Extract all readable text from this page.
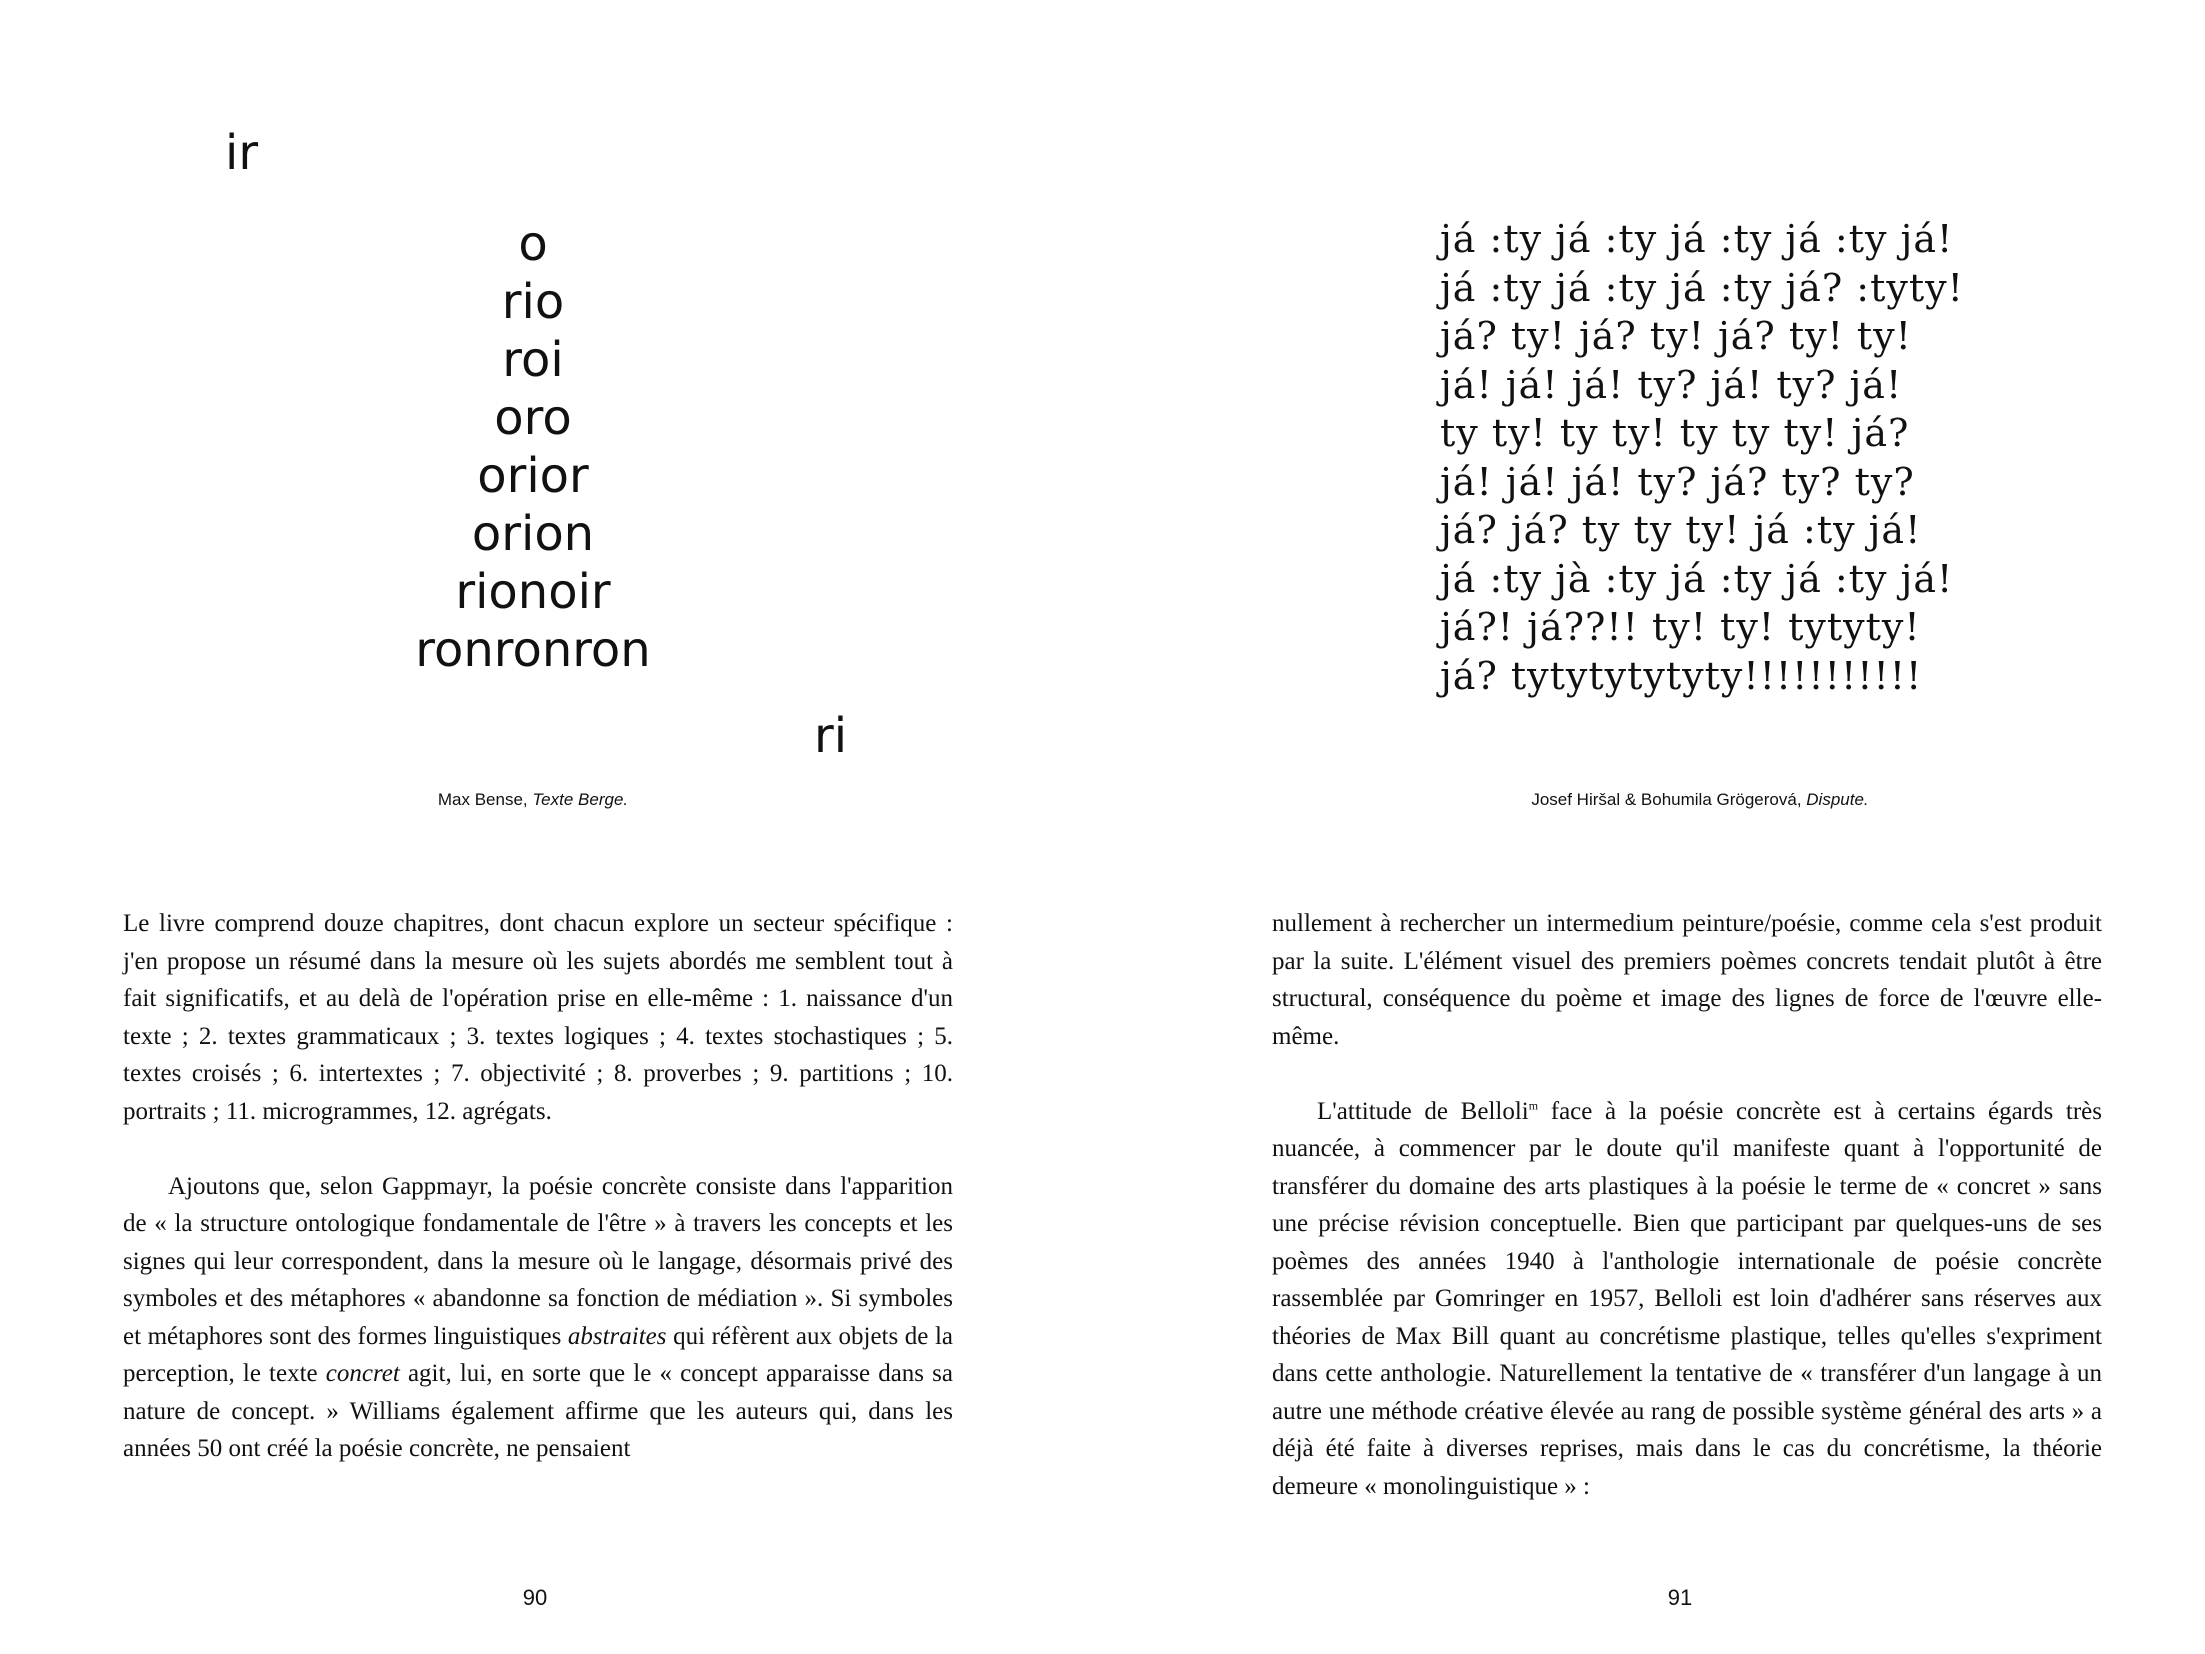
ir
o
rio
roi
oro
orior
orion
rionoir
ronronron
ri
Max Bense, Texte Berge.

Le livre comprend douze chapitres, dont chacun explore un secteur spécifique : j'en propose un résumé dans la mesure où les sujets abordés me semblent tout à fait significatifs, et au delà de l'opération prise en elle-même : 1. naissance d'un texte ; 2. textes grammaticaux ; 3. textes logiques ; 4. textes stochastiques ; 5. textes croisés ; 6. intertextes ; 7. objectivité ; 8. proverbes ; 9. partitions ; 10. portraits ; 11. microgrammes, 12. agrégats.

Ajoutons que, selon Gappmayr, la poésie concrète consiste dans l'apparition de « la structure ontologique fondamentale de l'être » à travers les concepts et les signes qui leur correspondent, dans la mesure où le langage, désormais privé des symboles et des métaphores « abandonne sa fonction de médiation ». Si symboles et métaphores sont des formes linguistiques abstraites qui réfèrent aux objets de la perception, le texte concret agit, lui, en sorte que le « concept apparaisse dans sa nature de concept. » Williams également affirme que les auteurs qui, dans les années 50 ont créé la poésie concrète, ne pensaient

90
já :ty já :ty já :ty já :ty já!
já :ty já :ty já :ty já? :tyty!
já? ty! já? ty! já? ty! ty!
já! já! já! ty? já! ty? já!
ty ty! ty ty! ty ty ty! já?
já! já! já! ty? já? ty? ty?
já? já? ty ty ty! já :ty já!
já :ty jà :ty já :ty já :ty já!
já?! já??!! ty! ty! tytyty!
já? tytytytytyty!!!!!!!!!!!
Josef Hiršal & Bohumila Grögerová, Dispute.

nullement à rechercher un intermedium peinture/poésie, comme cela s'est produit par la suite. L'élément visuel des premiers poèmes concrets tendait plutôt à être structural, conséquence du poème et image des lignes de force de l'œuvre elle-même.

L'attitude de Belloli$^m$ face à la poésie concrète est à certains égards très nuancée, à commencer par le doute qu'il manifeste quant à l'opportunité de transférer du domaine des arts plastiques à la poésie le terme de « concret » sans une précise révision conceptuelle. Bien que participant par quelques-uns de ses poèmes des années 1940 à l'anthologie internationale de poésie concrète rassemblée par Gomringer en 1957, Belloli est loin d'adhérer sans réserves aux théories de Max Bill quant au concrétisme plastique, telles qu'elles s'expriment dans cette anthologie. Naturellement la tentative de « transférer d'un langage à un autre une méthode créative élevée au rang de possible système général des arts » a déjà été faite à diverses reprises, mais dans le cas du concrétisme, la théorie demeure « monolinguistique » :

91
